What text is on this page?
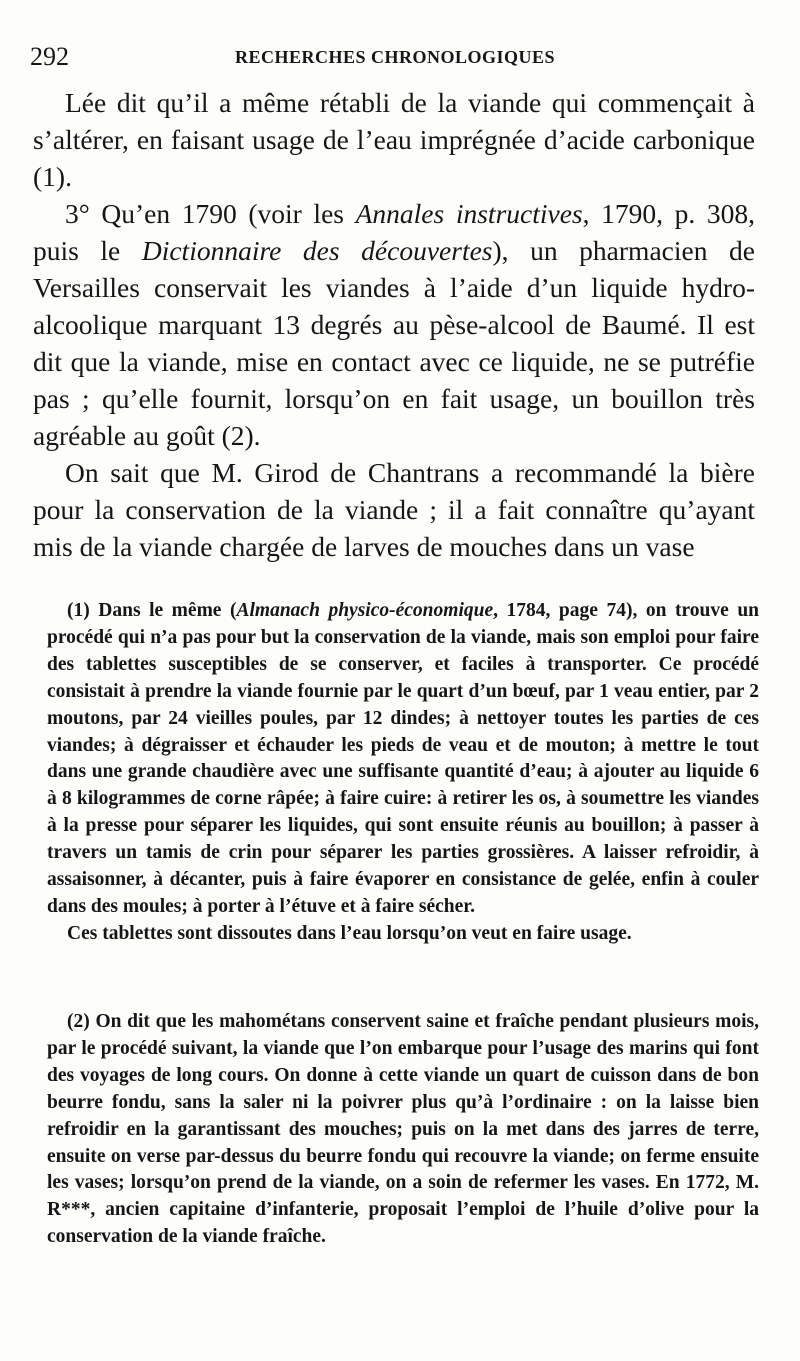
292	RECHERCHES CHRONOLOGIQUES

Lée dit qu’il a même rétabli de la viande qui commençait à s’altérer, en faisant usage de l’eau imprégnée d’acide carbonique (1).

3° Qu’en 1790 (voir les Annales instructives, 1790, p. 308, puis le Dictionnaire des découvertes), un pharmacien de Versailles conservait les viandes à l’aide d’un liquide hydro-alcoolique marquant 13 degrés au pèse-alcool de Baumé. Il est dit que la viande, mise en contact avec ce liquide, ne se putréfie pas ; qu’elle fournit, lorsqu’on en fait usage, un bouillon très agréable au goût (2).

On sait que M. Girod de Chantrans a recommandé la bière pour la conservation de la viande ; il a fait connaître qu’ayant mis de la viande chargée de larves de mouches dans un vase

(1) Dans le même (Almanach physico-économique, 1784, page 74), on trouve un procédé qui n’a pas pour but la conservation de la viande, mais son emploi pour faire des tablettes susceptibles de se conserver, et faciles à transporter. Ce procédé consistait à prendre la viande fournie par le quart d’un bœuf, par 1 veau entier, par 2 moutons, par 24 vieilles poules, par 12 dindes; à nettoyer toutes les parties de ces viandes; à dégraisser et échauder les pieds de veau et de mouton; à mettre le tout dans une grande chaudière avec une suffisante quantité d’eau; à ajouter au liquide 6 à 8 kilogrammes de corne râpée; à faire cuire: à retirer les os, à soumettre les viandes à la presse pour séparer les liquides, qui sont ensuite réunis au bouillon; à passer à travers un tamis de crin pour séparer les parties grossières. A laisser refroidir, à assaisonner, à décanter, puis à faire évaporer en consistance de gelée, enfin à couler dans des moules; à porter à l’étuve et à faire sécher.

Ces tablettes sont dissoutes dans l’eau lorsqu’on veut en faire usage.

(2) On dit que les mahométans conservent saine et fraîche pendant plusieurs mois, par le procédé suivant, la viande que l’on embarque pour l’usage des marins qui font des voyages de long cours. On donne à cette viande un quart de cuisson dans de bon beurre fondu, sans la saler ni la poivrer plus qu’à l’ordinaire : on la laisse bien refroidir en la garantissant des mouches; puis on la met dans des jarres de terre, ensuite on verse par-dessus du beurre fondu qui recouvre la viande; on ferme ensuite les vases; lorsqu’on prend de la viande, on a soin de refermer les vases. En 1772, M. R***, ancien capitaine d’infanterie, proposait l’emploi de l’huile d’olive pour la conservation de la viande fraîche.
